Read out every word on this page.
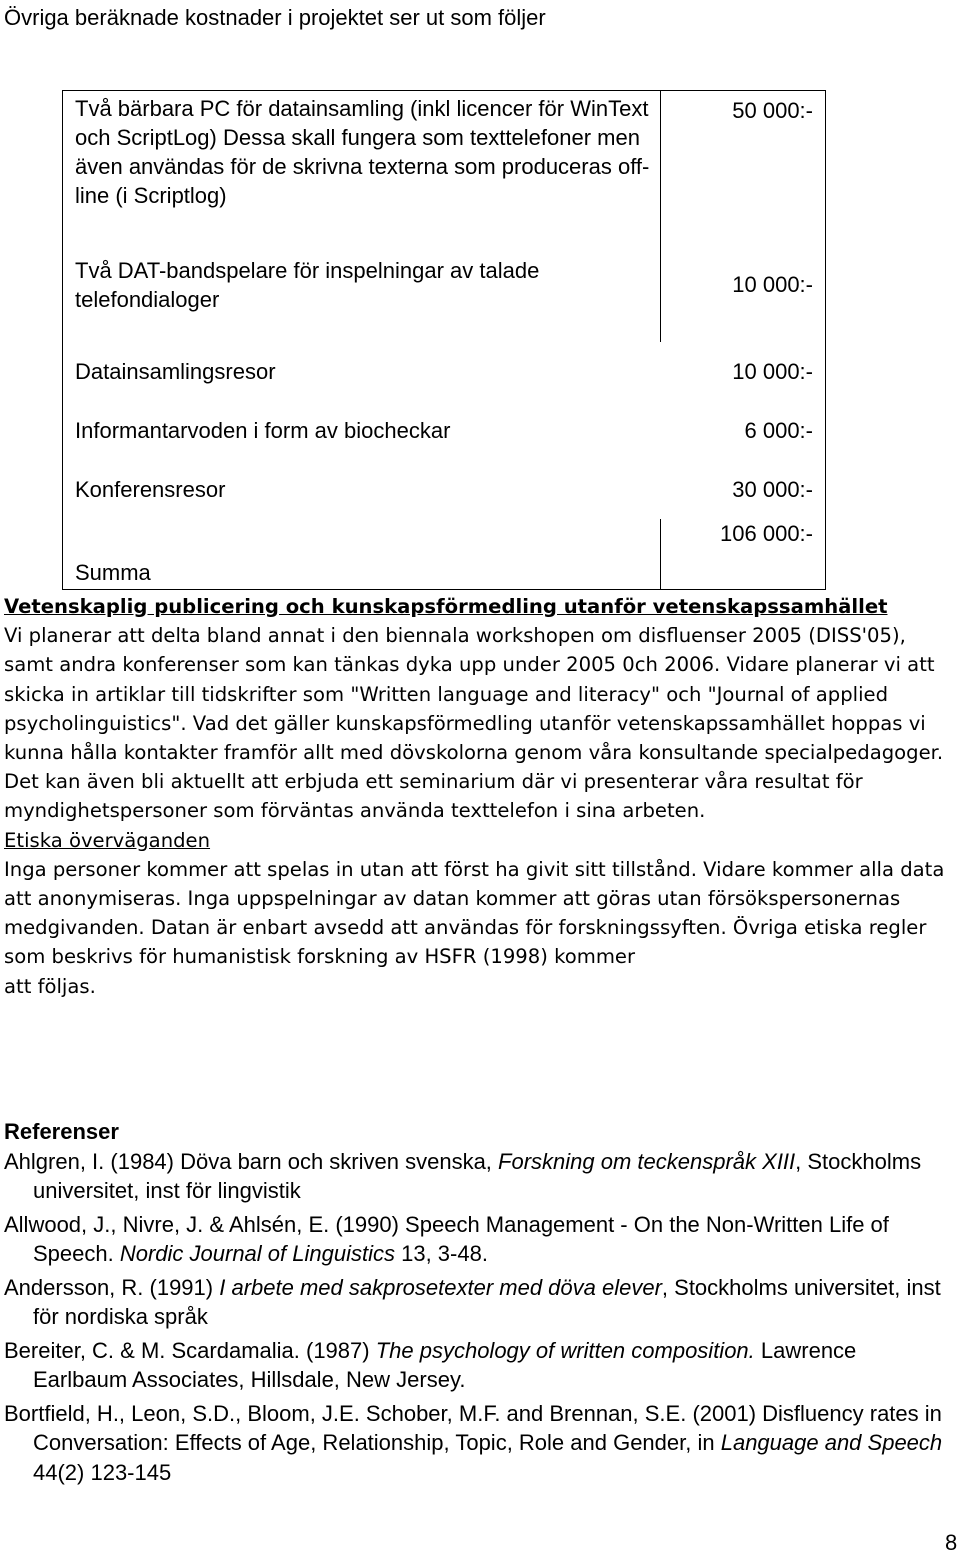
Övriga beräknade kostnader i projektet ser ut som följer
Två bärbara PC för datainsamling (inkl licencer för WinText och ScriptLog) Dessa skall fungera som texttelefoner men även användas för de skrivna texterna som produceras off-line (i Scriptlog)	50 000:-
Två DAT-bandspelare för inspelningar av talade telefondialoger	10 000:-
Datainsamlingsresor	10 000:-
Informantarvoden i form av biocheckar	6 000:-
Konferensresor	30 000:-
Summa	106 000:-
Vetenskaplig publicering och kunskapsförmedling utanför vetenskapssamhället

Vi planerar att delta bland annat i den biennala workshopen om disfluenser 2005 (DISS'05), samt andra konferenser som kan tänkas dyka upp under 2005 0ch 2006. Vidare planerar vi att skicka in artiklar till tidskrifter som "Written language and literacy" och "Journal of applied psycholinguistics". Vad det gäller kunskapsförmedling utanför vetenskapssamhället hoppas vi kunna hålla kontakter framför allt med dövskolorna genom våra konsultande specialpedagoger. Det kan även bli aktuellt att erbjuda ett seminarium där vi presenterar våra resultat för myndighetspersoner som förväntas använda texttelefon i sina arbeten.

Etiska överväganden

Inga personer kommer att spelas in utan att först ha givit sitt tillstånd. Vidare kommer alla data att anonymiseras. Inga uppspelningar av datan kommer att göras utan försökspersonernas medgivanden. Datan är enbart avsedd att användas för forskningssyften. Övriga etiska regler som beskrivs för humanistisk forskning av HSFR (1998) kommer

att följas.

Referenser

Ahlgren, I. (1984) Döva barn och skriven svenska, Forskning om teckenspråk XIII, Stockholms universitet, inst för lingvistik

Allwood, J., Nivre, J. & Ahlsén, E. (1990) Speech Management - On the Non-Written Life of Speech. Nordic Journal of Linguistics 13, 3-48.

Andersson, R. (1991) I arbete med sakprosetexter med döva elever, Stockholms universitet, inst för nordiska språk

Bereiter, C. & M. Scardamalia. (1987) The psychology of written composition. Lawrence Earlbaum Associates, Hillsdale, New Jersey.

Bortfield, H., Leon, S.D., Bloom, J.E. Schober, M.F. and Brennan, S.E. (2001) Disfluency rates in Conversation: Effects of Age, Relationship, Topic, Role and Gender, in Language and Speech 44(2) 123-145

8
